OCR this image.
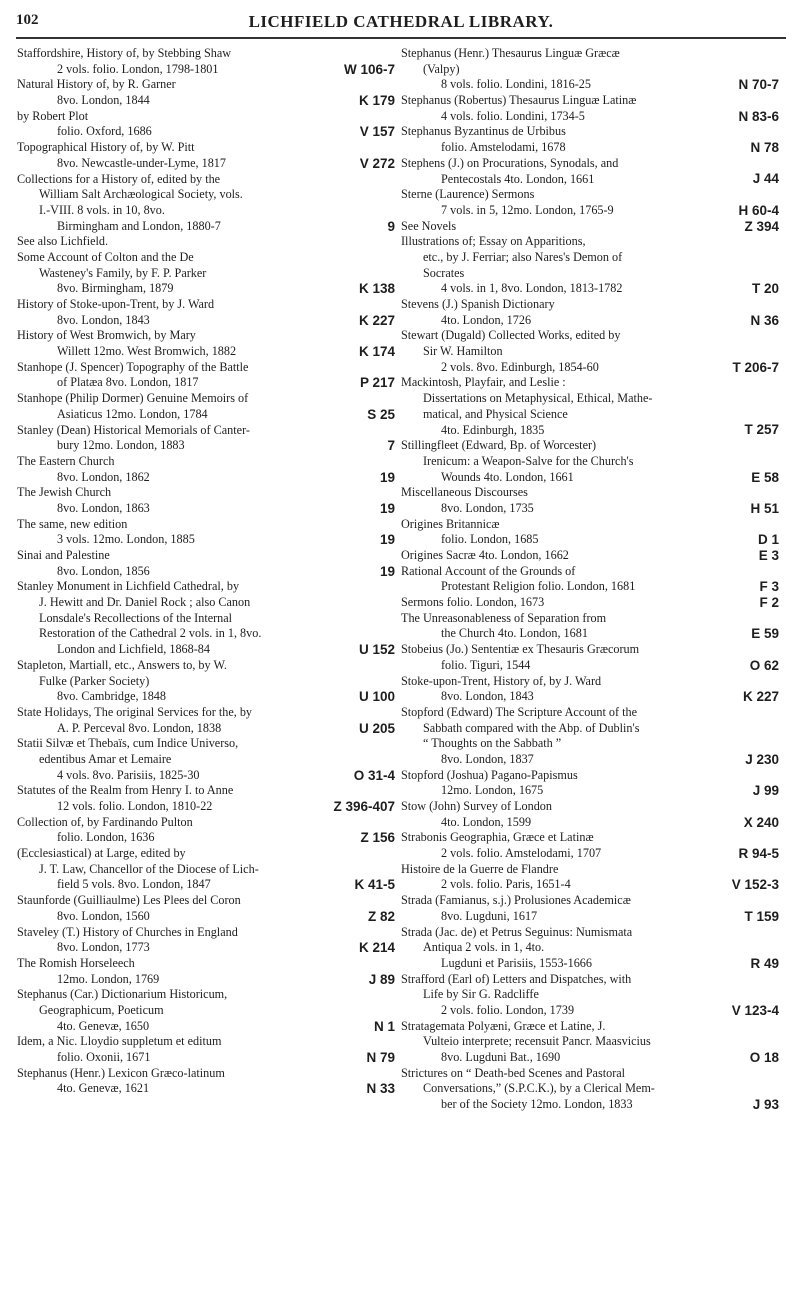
102	LICHFIELD CATHEDRAL LIBRARY.
Staffordshire, History of, by Stebbing Shaw
2 vols. folio. London, 1798-1801	W 106-7
Natural History of, by R. Garner
8vo. London, 1844	K 179
by Robert Plot
folio. Oxford, 1686	V 157
Topographical History of, by W. Pitt
8vo. Newcastle-under-Lyme, 1817	V 272
Collections for a History of, edited by the
William Salt Archæological Society, vols.
I.-VIII. 8 vols. in 10, 8vo.
Birmingham and London, 1880-7	9
See also Lichfield.
Some Account of Colton and the De
Wasteney's Family, by F. P. Parker
8vo. Birmingham, 1879	K 138
History of Stoke-upon-Trent, by J. Ward
8vo. London, 1843	K 227
History of West Bromwich, by Mary
Willett 12mo. West Bromwich, 1882	K 174
Stanhope (J. Spencer) Topography of the Battle
of Platæa 8vo. London, 1817	P 217
Stanhope (Philip Dormer) Genuine Memoirs of
Asiaticus 12mo. London, 1784	S 25
Stanley (Dean) Historical Memorials of Canter-
bury 12mo. London, 1883	7
The Eastern Church
8vo. London, 1862	19
The Jewish Church
8vo. London, 1863	19
The same, new edition
3 vols. 12mo. London, 1885	19
Sinai and Palestine
8vo. London, 1856	19
Stanley Monument in Lichfield Cathedral, by
J. Hewitt and Dr. Daniel Rock ; also Canon
Lonsdale's Recollections of the Internal
Restoration of the Cathedral 2 vols. in 1, 8vo.
London and Lichfield, 1868-84	U 152
Stapleton, Martiall, etc., Answers to, by W.
Fulke (Parker Society)
8vo. Cambridge, 1848	U 100
State Holidays, The original Services for the, by
A. P. Perceval 8vo. London, 1838	U 205
Statii Silvæ et Thebaïs, cum Indice Universo,
edentibus Amar et Lemaire
4 vols. 8vo. Parisiis, 1825-30	O 31-4
Statutes of the Realm from Henry I. to Anne
12 vols. folio. London, 1810-22	Z 396-407
Collection of, by Fardinando Pulton
folio. London, 1636	Z 156
(Ecclesiastical) at Large, edited by
J. T. Law, Chancellor of the Diocese of Lich-
field 5 vols. 8vo. London, 1847	K 41-5
Staunforde (Guilliaulme) Les Plees del Coron
8vo. London, 1560	Z 82
Staveley (T.) History of Churches in England
8vo. London, 1773	K 214
The Romish Horseleech
12mo. London, 1769	J 89
Stephanus (Car.) Dictionarium Historicum,
Geographicum, Poeticum
4to. Genevæ, 1650	N 1
Idem, a Nic. Lloydio suppletum et editum
folio. Oxonii, 1671	N 79
Stephanus (Henr.) Lexicon Græco-latinum
4to. Genevæ, 1621	N 33
Stephanus (Henr.) Thesaurus Linguæ Græcæ
(Valpy)
8 vols. folio. Londini, 1816-25	N 70-7
Stephanus (Robertus) Thesaurus Linguæ Latinæ
4 vols. folio. Londini, 1734-5	N 83-6
Stephanus Byzantinus de Urbibus
folio. Amstelodami, 1678	N 78
Stephens (J.) on Procurations, Synodals, and
Pentecostals 4to. London, 1661	J 44
Sterne (Laurence) Sermons
7 vols. in 5, 12mo. London, 1765-9	H 60-4
See Novels	Z 394
Illustrations of; Essay on Apparitions,
etc., by J. Ferriar; also Nares's Demon of
Socrates
4 vols. in 1, 8vo. London, 1813-1782	T 20
Stevens (J.) Spanish Dictionary
4to. London, 1726	N 36
Stewart (Dugald) Collected Works, edited by
Sir W. Hamilton
2 vols. 8vo. Edinburgh, 1854-60	T 206-7
Mackintosh, Playfair, and Leslie :
Dissertations on Metaphysical, Ethical, Mathe-
matical, and Physical Science
4to. Edinburgh, 1835	T 257
Stillingfleet (Edward, Bp. of Worcester)
Irenicum: a Weapon-Salve for the Church's
Wounds 4to. London, 1661	E 58
Miscellaneous Discourses
8vo. London, 1735	H 51
Origines Britannicæ
folio. London, 1685	D 1
Origines Sacræ 4to. London, 1662	E 3
Rational Account of the Grounds of
Protestant Religion folio. London, 1681	F 3
Sermons folio. London, 1673	F 2
The Unreasonableness of Separation from
the Church 4to. London, 1681	E 59
Stobeius (Jo.) Sententiæ ex Thesauris Græcorum
folio. Tiguri, 1544	O 62
Stoke-upon-Trent, History of, by J. Ward
8vo. London, 1843	K 227
Stopford (Edward) The Scripture Account of the
Sabbath compared with the Abp. of Dublin's
“ Thoughts on the Sabbath ”
8vo. London, 1837	J 230
Stopford (Joshua) Pagano-Papismus
12mo. London, 1675	J 99
Stow (John) Survey of London
4to. London, 1599	X 240
Strabonis Geographia, Græce et Latinæ
2 vols. folio. Amstelodami, 1707	R 94-5
Histoire de la Guerre de Flandre
2 vols. folio. Paris, 1651-4	V 152-3
Strada (Famianus, s.j.) Prolusiones Academicæ
8vo. Lugduni, 1617	T 159
Strada (Jac. de) et Petrus Seguinus: Numismata
Antiqua 2 vols. in 1, 4to.
Lugduni et Parisiis, 1553-1666	R 49
Strafford (Earl of) Letters and Dispatches, with
Life by Sir G. Radcliffe
2 vols. folio. London, 1739	V 123-4
Stratagemata Polyæni, Græce et Latine, J.
Vulteio interprete; recensuit Pancr. Maasvicius
8vo. Lugduni Bat., 1690	O 18
Strictures on “ Death-bed Scenes and Pastoral
Conversations,” (S.P.C.K.), by a Clerical Mem-
ber of the Society 12mo. London, 1833	J 93
